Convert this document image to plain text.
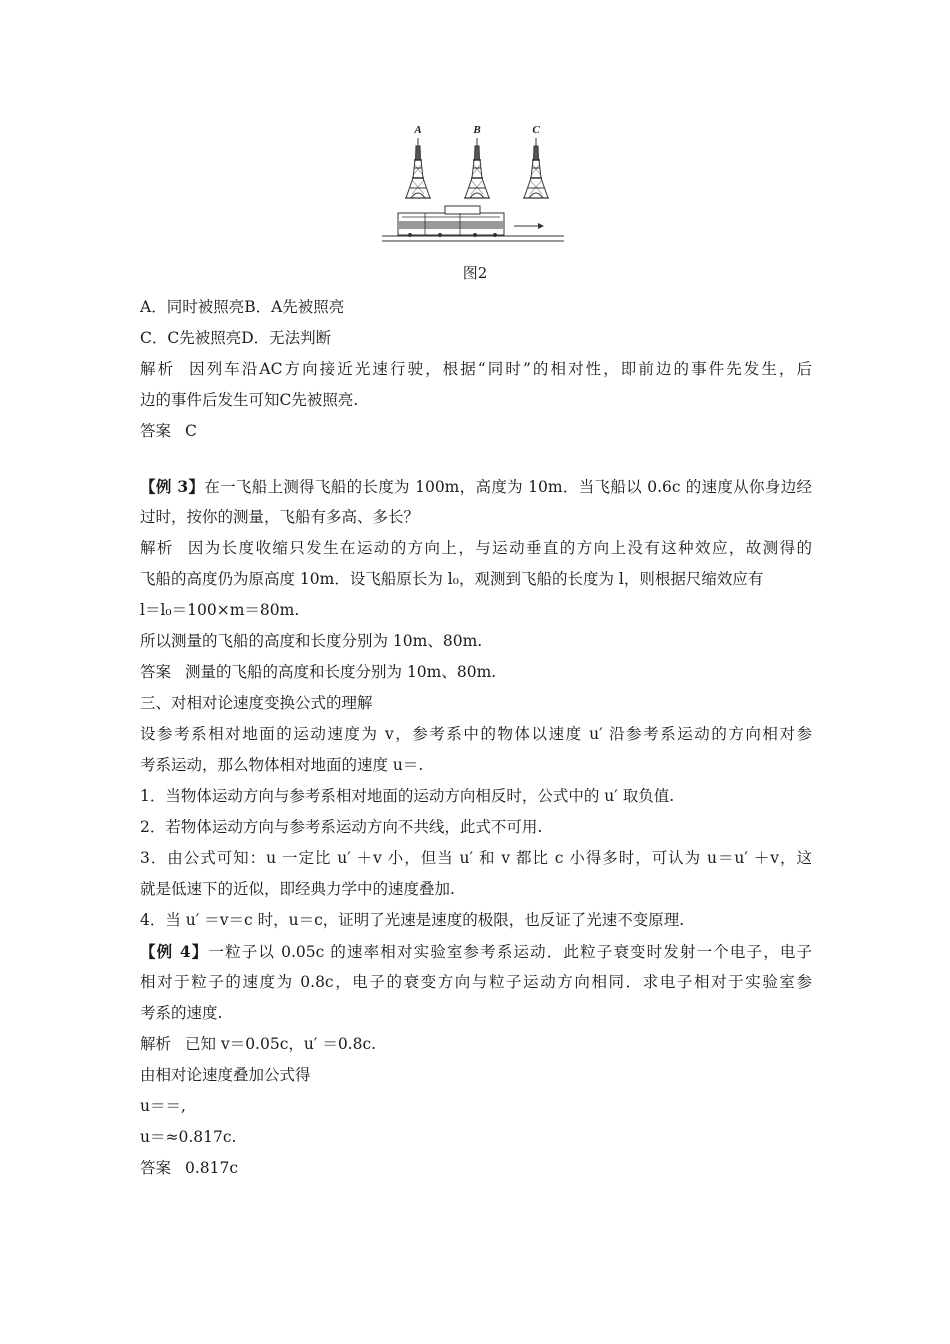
A	B	C
图2
A．同时被照亮B．A先被照亮
C．C先被照亮D．无法判断
解析 因列车沿AC方向接近光速行驶，根据“同时”的相对性，即前边的事件先发生，后
边的事件后发生可知C先被照亮.
答案 C
【例 3】在一飞船上测得飞船的长度为 100m，高度为 10m．当飞船以 0.6c 的速度从你身边经
过时，按你的测量，飞船有多高、多长？
解析 因为长度收缩只发生在运动的方向上，与运动垂直的方向上没有这种效应，故测得的
飞船的高度仍为原高度 10m．设飞船原长为 l₀，观测到飞船的长度为 l，则根据尺缩效应有
l＝l₀＝100×m＝80m.
所以测量的飞船的高度和长度分别为 10m、80m.
答案 测量的飞船的高度和长度分别为 10m、80m.
三、对相对论速度变换公式的理解
设参考系相对地面的运动速度为 v，参考系中的物体以速度 u′ 沿参考系运动的方向相对参
考系运动，那么物体相对地面的速度 u＝.
1．当物体运动方向与参考系相对地面的运动方向相反时，公式中的 u′ 取负值.
2．若物体运动方向与参考系运动方向不共线，此式不可用.
3．由公式可知：u 一定比 u′ ＋v 小，但当 u′ 和 v 都比 c 小得多时，可认为 u＝u′ ＋v，这
就是低速下的近似，即经典力学中的速度叠加.
4．当 u′ ＝v＝c 时，u＝c，证明了光速是速度的极限，也反证了光速不变原理.
【例 4】一粒子以 0.05c 的速率相对实验室参考系运动．此粒子衰变时发射一个电子，电子
相对于粒子的速度为 0.8c，电子的衰变方向与粒子运动方向相同．求电子相对于实验室参
考系的速度.
解析 已知 v＝0.05c，u′ ＝0.8c.
由相对论速度叠加公式得
u＝＝,
u＝≈0.817c.
答案 0.817c
